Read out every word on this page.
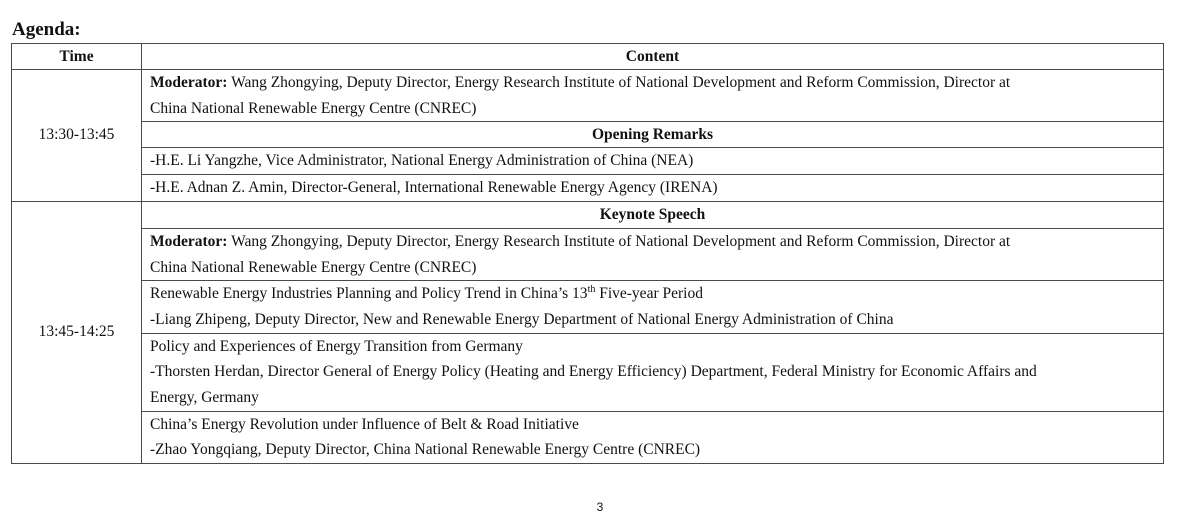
Agenda:
Time	Content
13:30-13:45	Moderator: Wang Zhongying, Deputy Director, Energy Research Institute of National Development and Reform Commission, Director at
China National Renewable Energy Centre (CNREC)

	Opening Remarks
	-H.E. Li Yangzhe, Vice Administrator, National Energy Administration of China (NEA)
	-H.E. Adnan Z. Amin, Director-General, International Renewable Energy Agency (IRENA)
13:45-14:25	Keynote Speech

	Moderator: Wang Zhongying, Deputy Director, Energy Research Institute of National Development and Reform Commission, Director at
China National Renewable Energy Centre (CNREC)

	Renewable Energy Industries Planning and Policy Trend in China’s 13th Five-year Period
-Liang Zhipeng, Deputy Director, New and Renewable Energy Department of National Energy Administration of China

	Policy and Experiences of Energy Transition from Germany
-Thorsten Herdan, Director General of Energy Policy (Heating and Energy Efficiency) Department, Federal Ministry for Economic Affairs and
Energy, Germany

	China’s Energy Revolution under Influence of Belt & Road Initiative
-Zhao Yongqiang, Deputy Director, China National Renewable Energy Centre (CNREC)
3
